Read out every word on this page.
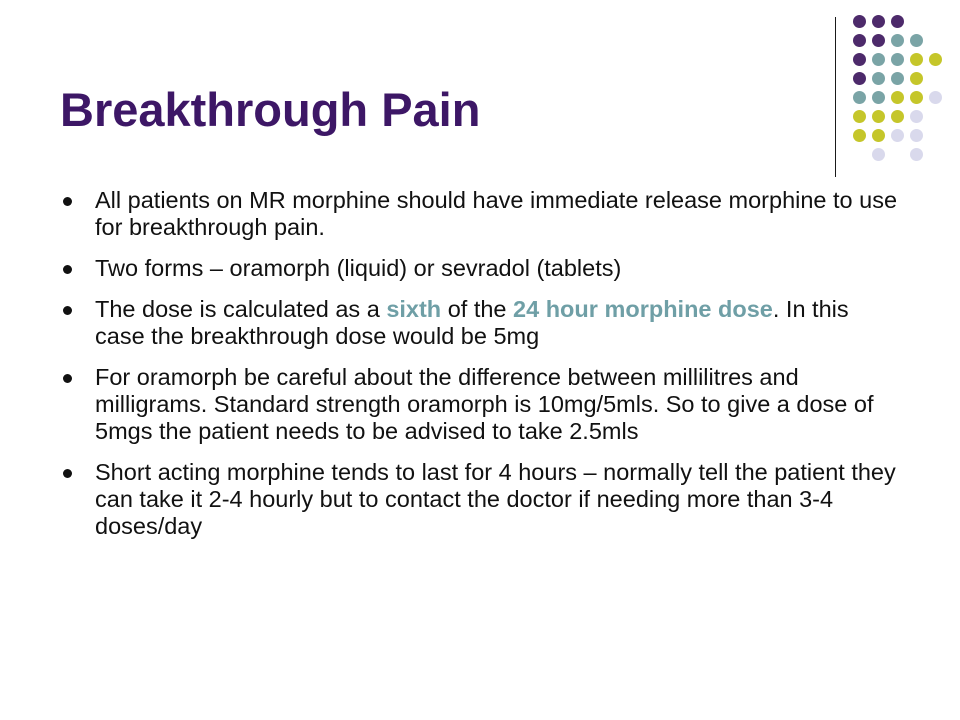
Breakthrough Pain
All patients on MR morphine should have immediate release morphine to use for breakthrough pain.
Two forms – oramorph (liquid) or sevradol (tablets)
The dose is calculated as a sixth of the 24 hour morphine dose. In this case the breakthrough dose would be 5mg
For oramorph be careful about the difference between millilitres and milligrams. Standard strength oramorph is 10mg/5mls. So to give a dose of 5mgs the patient needs to be advised to take 2.5mls
Short acting morphine tends to last for 4 hours – normally tell the patient they can take it 2-4 hourly but to contact the doctor if needing more than 3-4 doses/day
